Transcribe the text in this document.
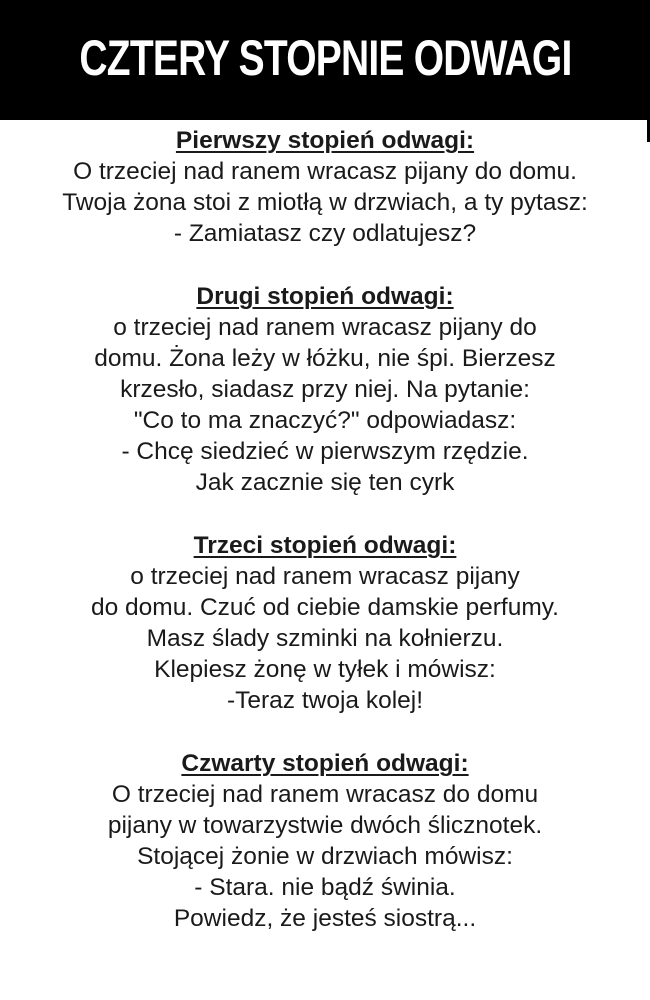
CZTERY STOPNIE ODWAGI
Pierwszy stopień odwagi:
O trzeciej nad ranem wracasz pijany do domu.
Twoja żona stoi z miotłą w drzwiach, a ty pytasz:
- Zamiatasz czy odlatujesz?
Drugi stopień odwagi:
o trzeciej nad ranem wracasz pijany do
domu. Żona leży w łóżku, nie śpi. Bierzesz
krzesło, siadasz przy niej. Na pytanie:
"Co to ma znaczyć?" odpowiadasz:
- Chcę siedzieć w pierwszym rzędzie.
Jak zacznie się ten cyrk
Trzeci stopień odwagi:
o trzeciej nad ranem wracasz pijany
do domu. Czuć od ciebie damskie perfumy.
Masz ślady szminki na kołnierzu.
Klepiesz żonę w tyłek i mówisz:
-Teraz twoja kolej!
Czwarty stopień odwagi:
O trzeciej nad ranem wracasz do domu
pijany w towarzystwie dwóch ślicznotek.
Stojącej żonie w drzwiach mówisz:
- Stara. nie bądź świnia.
Powiedz, że jesteś siostrą...
